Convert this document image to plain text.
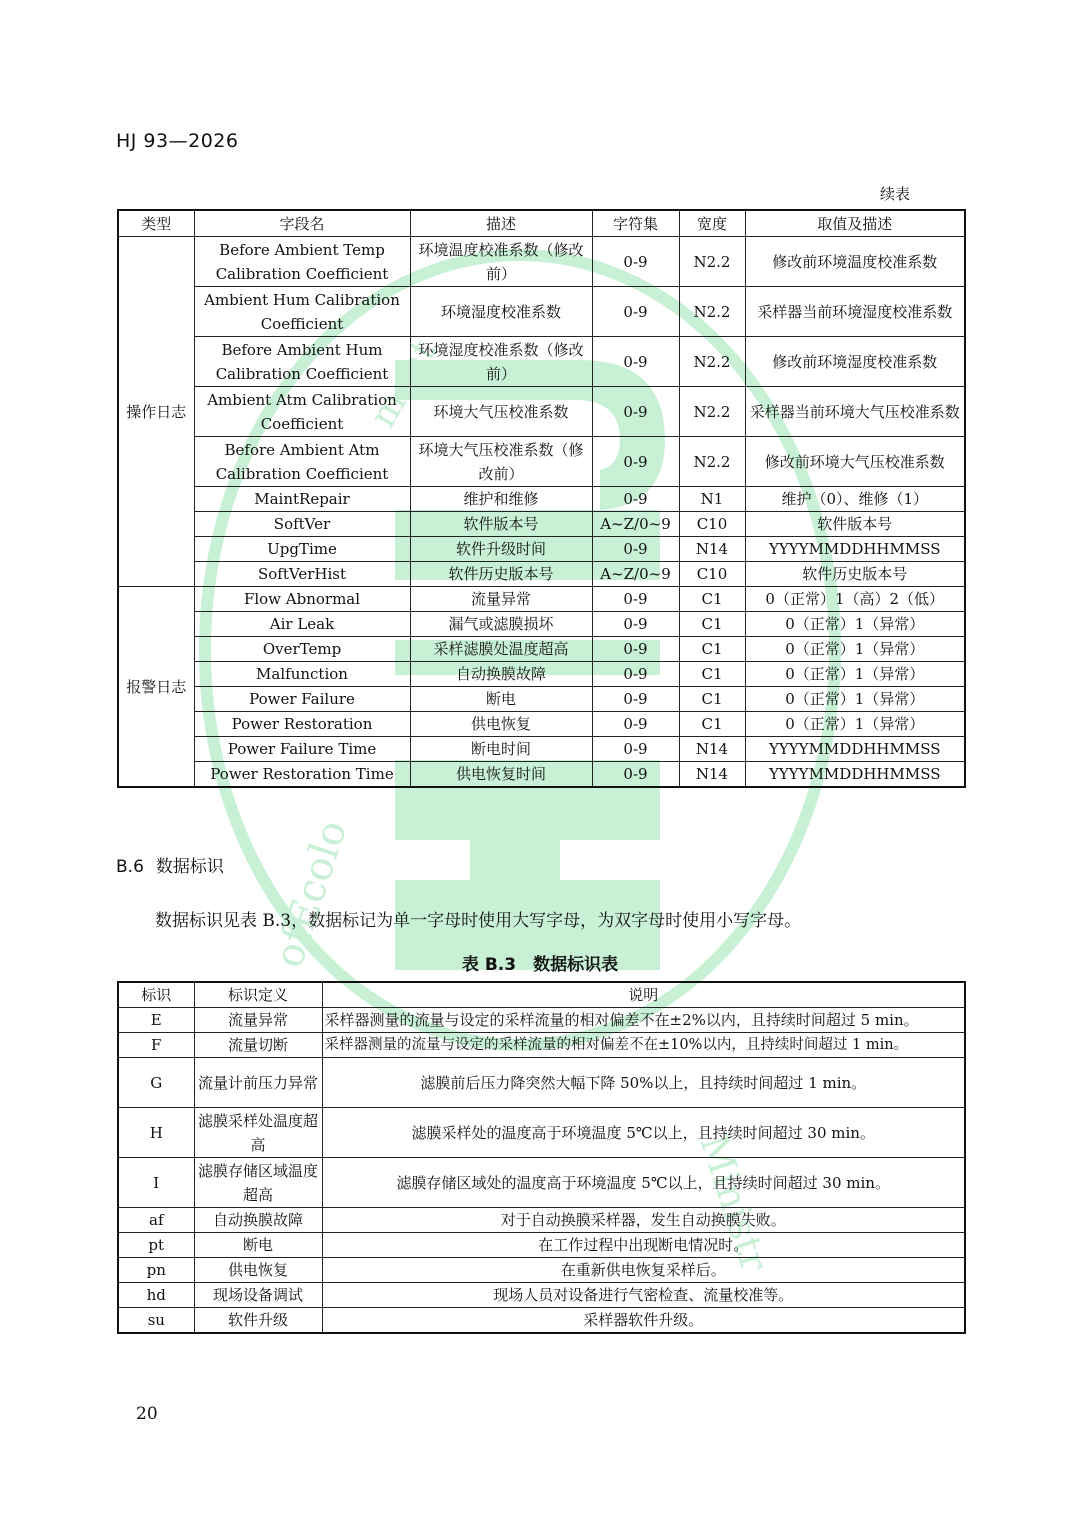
ofEcolo
ment
Ministr
HJ 93—2026
续表
类型	字段名	描述	字符集	宽度	取值及描述
操作日志	Before Ambient Temp Calibration Coefficient	环境温度校准系数（修改前）	0-9	N2.2	修改前环境温度校准系数
	Ambient Hum Calibration Coefficient	环境湿度校准系数	0-9	N2.2	采样器当前环境湿度校准系数
	Before Ambient Hum Calibration Coefficient	环境湿度校准系数（修改前）	0-9	N2.2	修改前环境湿度校准系数
	Ambient Atm Calibration Coefficient	环境大气压校准系数	0-9	N2.2	采样器当前环境大气压校准系数
	Before Ambient Atm Calibration Coefficient	环境大气压校准系数（修改前）	0-9	N2.2	修改前环境大气压校准系数
	MaintRepair	维护和维修	0-9	N1	维护（0）、维修（1）
	SoftVer	软件版本号	A~Z/0~9	C10	软件版本号
	UpgTime	软件升级时间	0-9	N14	YYYYMMDDHHMMSS
	SoftVerHist	软件历史版本号	A~Z/0~9	C10	软件历史版本号
报警日志	Flow Abnormal	流量异常	0-9	C1	0（正常）1（高）2（低）
	Air Leak	漏气或滤膜损坏	0-9	C1	0（正常）1（异常）
	OverTemp	采样滤膜处温度超高	0-9	C1	0（正常）1（异常）
	Malfunction	自动换膜故障	0-9	C1	0（正常）1（异常）
	Power Failure	断电	0-9	C1	0（正常）1（异常）
	Power Restoration	供电恢复	0-9	C1	0（正常）1（异常）
	Power Failure Time	断电时间	0-9	N14	YYYYMMDDHHMMSS
	Power Restoration Time	供电恢复时间	0-9	N14	YYYYMMDDHHMMSS
B.6 数据标识
数据标识见表 B.3，数据标记为单一字母时使用大写字母，为双字母时使用小写字母。
表 B.3　数据标识表
标识	标识定义	说明
E	流量异常	采样器测量的流量与设定的采样流量的相对偏差不在±2%以内，且持续时间超过 5 min。
F	流量切断	采样器测量的流量与设定的采样流量的相对偏差不在±10%以内，且持续时间超过 1 min。
G	流量计前压力异常	滤膜前后压力降突然大幅下降 50%以上，且持续时间超过 1 min。
H	滤膜采样处温度超高	滤膜采样处的温度高于环境温度 5℃以上，且持续时间超过 30 min。
I	滤膜存储区域温度超高	滤膜存储区域处的温度高于环境温度 5℃以上，且持续时间超过 30 min。
af	自动换膜故障	对于自动换膜采样器，发生自动换膜失败。
pt	断电	在工作过程中出现断电情况时。
pn	供电恢复	在重新供电恢复采样后。
hd	现场设备调试	现场人员对设备进行气密检查、流量校准等。
su	软件升级	采样器软件升级。
20
